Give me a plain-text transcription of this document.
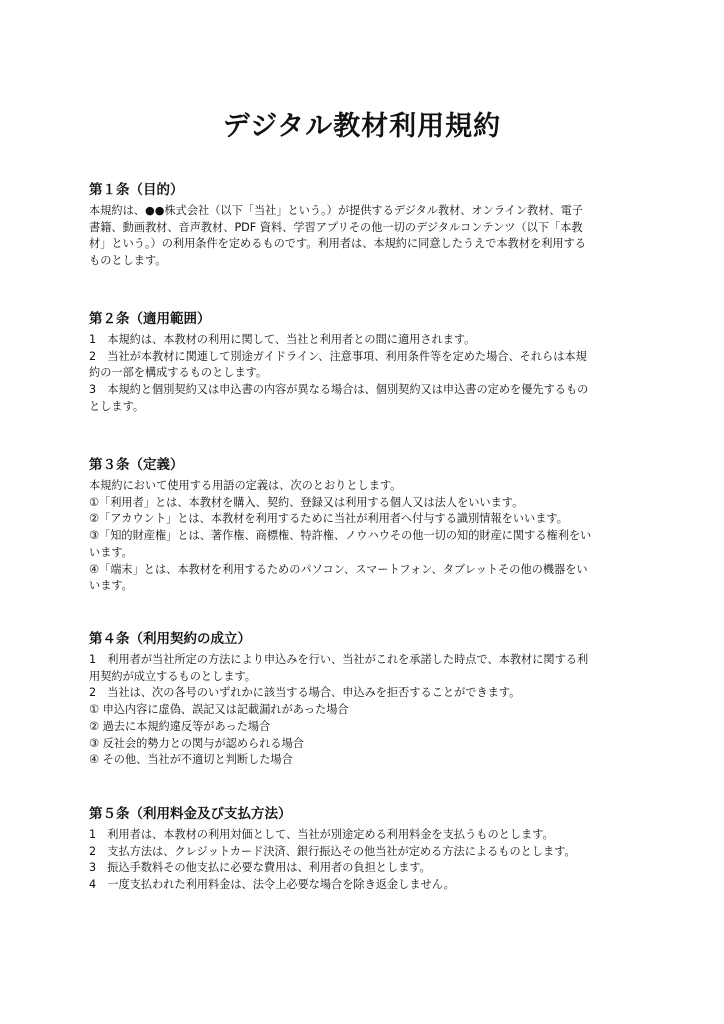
デジタル教材利用規約
第１条（目的）

本規約は、●●株式会社（以下「当社」という。）が提供するデジタル教材、オンライン教材、電子

書籍、動画教材、音声教材、PDF 資料、学習アプリその他一切のデジタルコンテンツ（以下「本教

材」という。）の利用条件を定めるものです。利用者は、本規約に同意したうえで本教材を利用する

ものとします。

第２条（適用範囲）

1　本規約は、本教材の利用に関して、当社と利用者との間に適用されます。

2　当社が本教材に関連して別途ガイドライン、注意事項、利用条件等を定めた場合、それらは本規

約の一部を構成するものとします。

3　本規約と個別契約又は申込書の内容が異なる場合は、個別契約又は申込書の定めを優先するもの

とします。

第３条（定義）

本規約において使用する用語の定義は、次のとおりとします。

①「利用者」とは、本教材を購入、契約、登録又は利用する個人又は法人をいいます。

②「アカウント」とは、本教材を利用するために当社が利用者へ付与する識別情報をいいます。

③「知的財産権」とは、著作権、商標権、特許権、ノウハウその他一切の知的財産に関する権利をい

います。

④「端末」とは、本教材を利用するためのパソコン、スマートフォン、タブレットその他の機器をい

います。

第４条（利用契約の成立）

1　利用者が当社所定の方法により申込みを行い、当社がこれを承諾した時点で、本教材に関する利

用契約が成立するものとします。

2　当社は、次の各号のいずれかに該当する場合、申込みを拒否することができます。

① 申込内容に虚偽、誤記又は記載漏れがあった場合

② 過去に本規約違反等があった場合

③ 反社会的勢力との関与が認められる場合

④ その他、当社が不適切と判断した場合

第５条（利用料金及び支払方法）

1　利用者は、本教材の利用対価として、当社が別途定める利用料金を支払うものとします。

2　支払方法は、クレジットカード決済、銀行振込その他当社が定める方法によるものとします。

3　振込手数料その他支払に必要な費用は、利用者の負担とします。

4　一度支払われた利用料金は、法令上必要な場合を除き返金しません。
